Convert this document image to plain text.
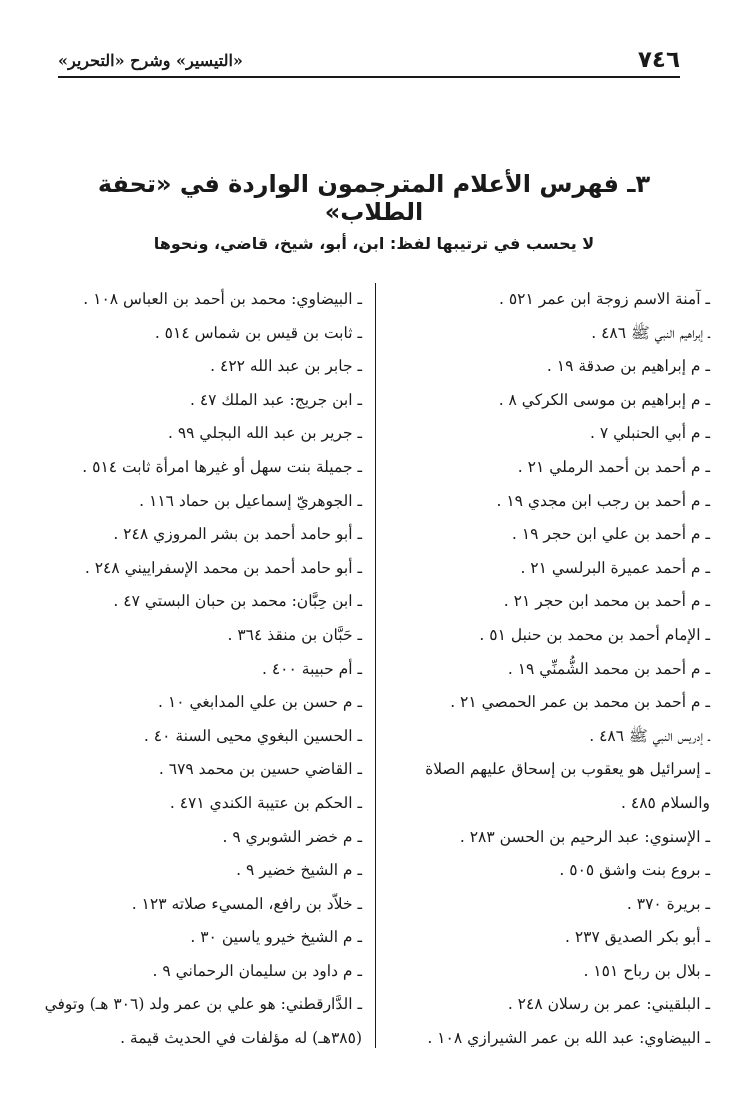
٧٤٦
«التيسير» وشرح «التحرير»
٣ـ فهرس الأعلام المترجمون الواردة في «تحفة الطلاب»
لا يحسب في ترتيبها لفظ: ابن، أبو، شيخ، قاضي، ونحوها
ـ آمنة الاسم زوجة ابن عمر ٥٢١ .
ـ إبراهيم النبي ﷺ ٤٨٦ .
ـ م إبراهيم بن صدقة ١٩ .
ـ م إبراهيم بن موسى الكركي ٨ .
ـ م أبي الحنبلي ٧ .
ـ م أحمد بن أحمد الرملي ٢١ .
ـ م أحمد بن رجب ابن مجدي ١٩ .
ـ م أحمد بن علي ابن حجر ١٩ .
ـ م أحمد عميرة البرلسي ٢١ .
ـ م أحمد بن محمد ابن حجر ٢١ .
ـ الإمام أحمد بن محمد بن حنبل ٥١ .
ـ م أحمد بن محمد الشُّمنِّي ١٩ .
ـ م أحمد بن محمد بن عمر الحمصي ٢١ .
ـ إدريس النبي ﷺ ٤٨٦ .
ـ إسرائيل هو يعقوب بن إسحاق عليهم الصلاة والسلام ٤٨٥ .
ـ الإسنوي: عبد الرحيم بن الحسن ٢٨٣ .
ـ بروع بنت واشق ٥٠٥ .
ـ بريرة ٣٧٠ .
ـ أبو بكر الصديق ٢٣٧ .
ـ بلال بن رباح ١٥١ .
ـ البلقيني: عمر بن رسلان ٢٤٨ .
ـ البيضاوي: عبد الله بن عمر الشيرازي ١٠٨ .
ـ البيضاوي: محمد بن أحمد بن العباس ١٠٨ .
ـ ثابت بن قيس بن شماس ٥١٤ .
ـ جابر بن عبد الله ٤٢٢ .
ـ ابن جريج: عبد الملك ٤٧ .
ـ جرير بن عبد الله البجلي ٩٩ .
ـ جميلة بنت سهل أو غيرها امرأة ثابت ٥١٤ .
ـ الجوهريّ إسماعيل بن حماد ١١٦ .
ـ أبو حامد أحمد بن بشر المروزي ٢٤٨ .
ـ أبو حامد أحمد بن محمد الإسفراييني ٢٤٨ .
ـ ابن حِبَّان: محمد بن حبان البستي ٤٧ .
ـ حَبَّان بن منقذ ٣٦٤ .
ـ أم حبيبة ٤٠٠ .
ـ م حسن بن علي المدابغي ١٠ .
ـ الحسين البغوي محيى السنة ٤٠ .
ـ القاضي حسين بن محمد ٦٧٩ .
ـ الحكم بن عتيبة الكندي ٤٧١ .
ـ م خضر الشوبري ٩ .
ـ م الشيخ خضير ٩ .
ـ خلاّد بن رافع، المسيء صلاته ١٢٣ .
ـ م الشيخ خيرو ياسين ٣٠ .
ـ م داود بن سليمان الرحماني ٩ .
ـ الدَّارقطني: هو علي بن عمر ولد (٣٠٦ هـ) وتوفي (٣٨٥هـ) له مؤلفات في الحديث قيمة .
